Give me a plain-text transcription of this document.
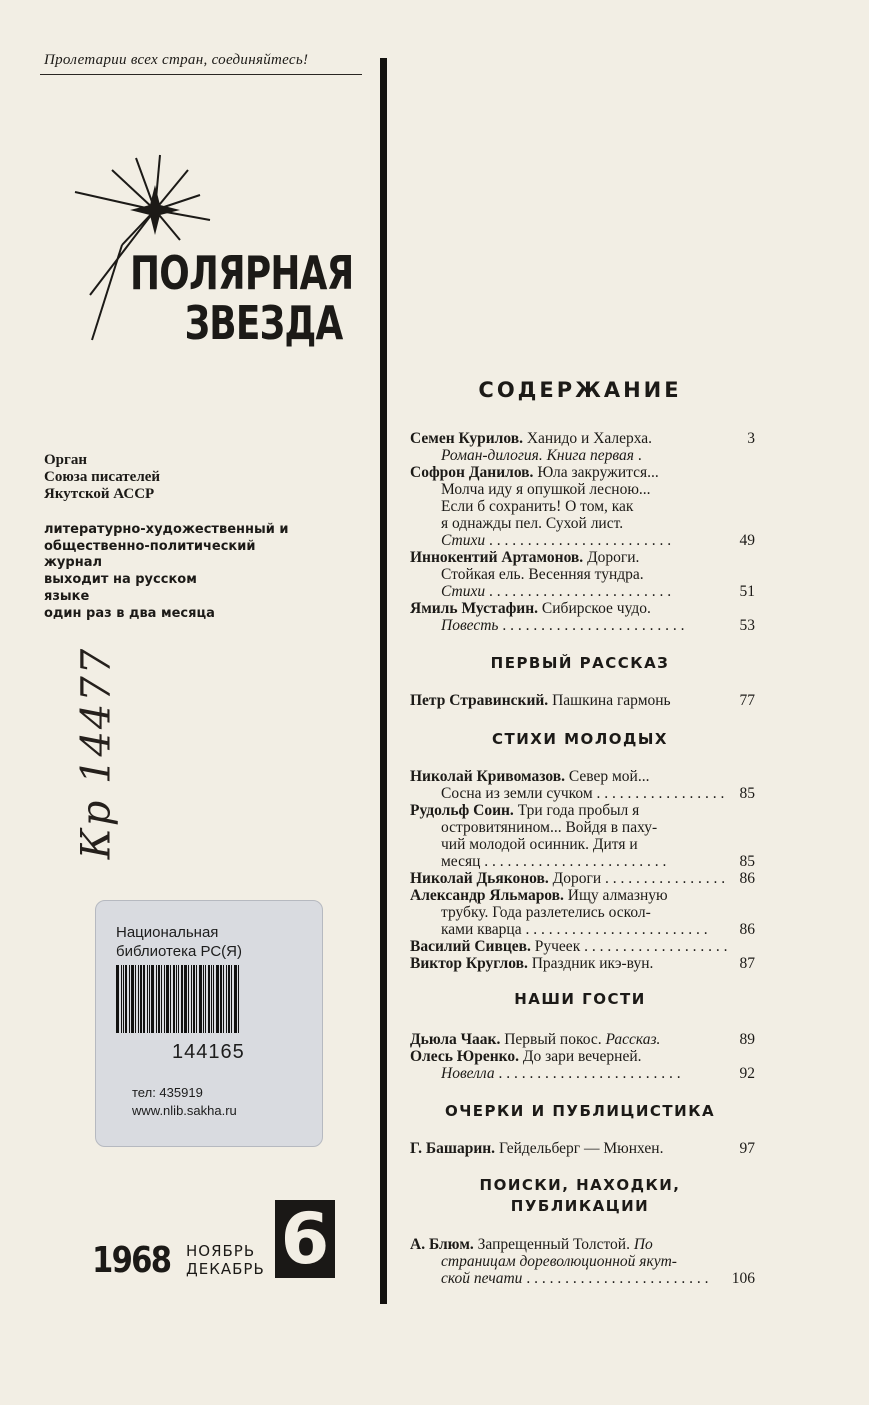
Пролетарии всех стран, соединяйтесь!
ПОЛЯРНАЯ
ЗВЕЗДА
Орган
Союза писателей
Якутской АССР
литературно-художественный и
общественно-политический
журнал
выходит на русском
языке
один раз в два месяца
Кр 14477
Национальная
библиотека РС(Я)
144165
тел: 435919
www.nlib.sakha.ru
1968 НОЯБРЬ
ДЕКАБРЬ 6
СОДЕРЖАНИЕ
Семен Курилов. Ханидо и Халерха.	3
Роман-дилогия. Книга первая .
Софрон Данилов. Юла закружится...
Молча иду я опушкой лесною...
Если б сохранить! О том, как
я однажды пел. Сухой лист.
Стихи . . .	49
Иннокентий Артамонов. Дороги.
Стойкая ель. Весенняя тундра.
Стихи . . .	51
Ямиль Мустафин. Сибирское чудо.
Повесть . . .	53
ПЕРВЫЙ РАССКАЗ
Петр Стравинский. Пашкина гармонь	77
СТИХИ МОЛОДЫХ
Николай Кривомазов. Север мой...
Сосна из земли сучком . . .	85
Рудольф Соин. Три года пробыл я
островитянином... Войдя в паху-
чий молодой осинник. Дитя и
месяц . . .	85
Николай Дьяконов. Дороги . . .	86
Александр Яльмаров. Ищу алмазную
трубку. Года разлетелись оскол-
ками кварца . . .	86
Василий Сивцев. Ручеек . . .
Виктор Круглов. Праздник икэ-вун.	87
НАШИ ГОСТИ
Дьюла Чаак. Первый покос. Рассказ.	89
Олесь Юренко. До зари вечерней.
Новелла . . .	92
ОЧЕРКИ И ПУБЛИЦИСТИКА
Г. Башарин. Гейдельберг — Мюнхен.	97
ПОИСКИ, НАХОДКИ,
ПУБЛИКАЦИИ
А. Блюм. Запрещенный Толстой. По
страницам дореволюционной якут-
ской печати . . .	106
